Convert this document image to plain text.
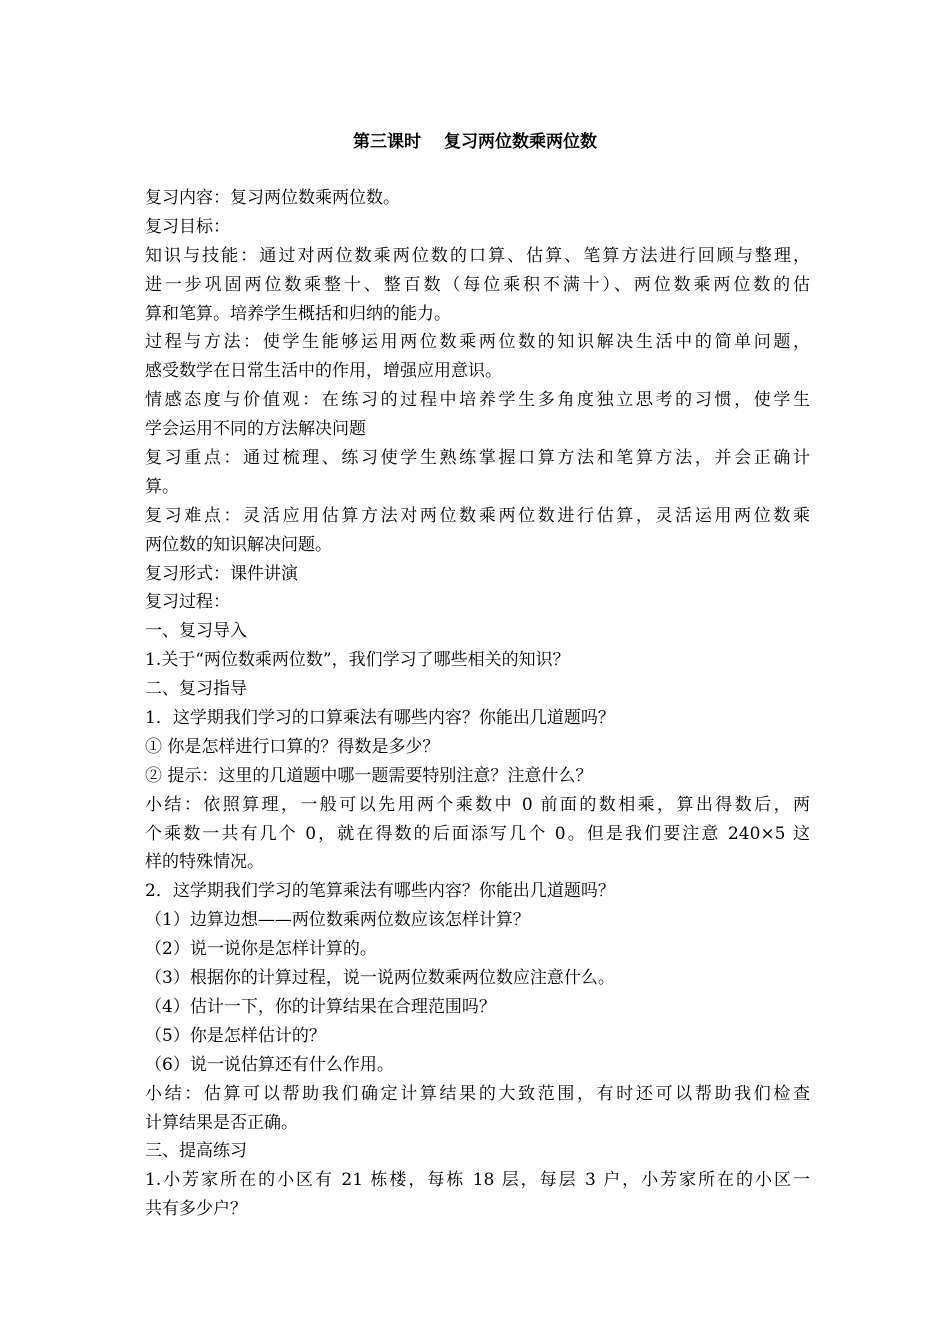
第三课时　 复习两位数乘两位数
复习内容：复习两位数乘两位数。
复习目标：
知识与技能：通过对两位数乘两位数的口算、估算、笔算方法进行回顾与整理，
进一步巩固两位数乘整十、整百数（每位乘积不满十）、两位数乘两位数的估
算和笔算。培养学生概括和归纳的能力。
过程与方法：使学生能够运用两位数乘两位数的知识解决生活中的简单问题，
感受数学在日常生活中的作用，增强应用意识。
情感态度与价值观：在练习的过程中培养学生多角度独立思考的习惯，使学生
学会运用不同的方法解决问题
复习重点：通过梳理、练习使学生熟练掌握口算方法和笔算方法，并会正确计
算。
复习难点：灵活应用估算方法对两位数乘两位数进行估算，灵活运用两位数乘
两位数的知识解决问题。
复习形式：课件讲演
复习过程：
一、复习导入
1.关于“两位数乘两位数”，我们学习了哪些相关的知识？
二、复习指导
1．这学期我们学习的口算乘法有哪些内容？你能出几道题吗？
① 你是怎样进行口算的？得数是多少？
② 提示：这里的几道题中哪一题需要特别注意？注意什么？
小结：依照算理，一般可以先用两个乘数中 0 前面的数相乘，算出得数后，两
个乘数一共有几个 0，就在得数的后面添写几个 0。但是我们要注意 240×5 这
样的特殊情况。
2．这学期我们学习的笔算乘法有哪些内容？你能出几道题吗？
（1）边算边想——两位数乘两位数应该怎样计算？
（2）说一说你是怎样计算的。
（3）根据你的计算过程，说一说两位数乘两位数应注意什么。
（4）估计一下，你的计算结果在合理范围吗？
（5）你是怎样估计的？
（6）说一说估算还有什么作用。
小结：估算可以帮助我们确定计算结果的大致范围，有时还可以帮助我们检查
计算结果是否正确。
三、提高练习
1.小芳家所在的小区有 21 栋楼，每栋 18 层，每层 3 户，小芳家所在的小区一
共有多少户？
